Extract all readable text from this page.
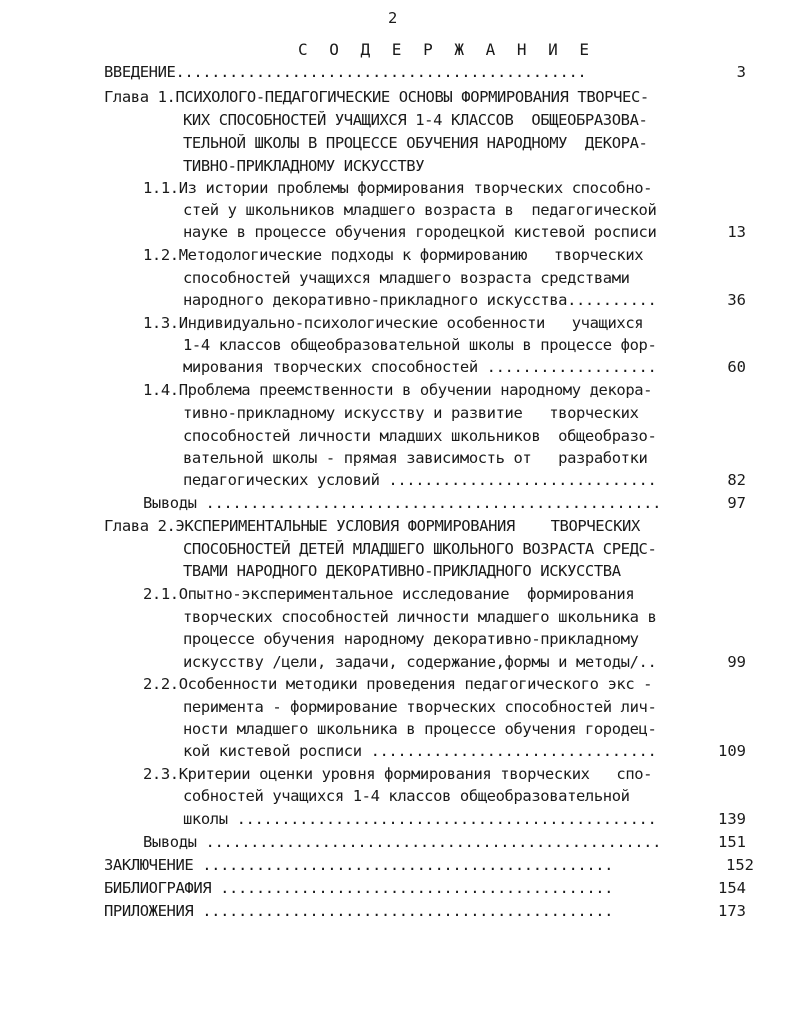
2
С О Д Е Р Ж А Н И Е
ВВЕДЕНИЕ..............................................	3
Глава 1.ПСИХОЛОГО-ПЕДАГОГИЧЕСКИЕ ОСНОВЫ ФОРМИРОВАНИЯ ТВОРЧЕС-
КИХ СПОСОБНОСТЕЙ УЧАЩИХСЯ 1-4 КЛАССОВ  ОБЩЕОБРАЗОВА-
ТЕЛЬНОЙ ШКОЛЫ В ПРОЦЕССЕ ОБУЧЕНИЯ НАРОДНОМУ  ДЕКОРА-
ТИВНО-ПРИКЛАДНОМУ ИСКУССТВУ
1.1.Из истории проблемы формирования творческих способно-
стей у школьников младшего возраста в  педагогической
науке в процессе обучения городецкой кистевой росписи	13
1.2.Методологические подходы к формированию   творческих
способностей учащихся младшего возраста средствами
народного декоративно-прикладного искусства..........	36
1.3.Индивидуально-психологические особенности   учащихся
1-4 классов общеобразовательной школы в процессе фор-
мирования творческих способностей ...................	60
1.4.Проблема преемственности в обучении народному декора-
тивно-прикладному искусству и развитие   творческих
способностей личности младших школьников  общеобразо-
вательной школы - прямая зависимость от   разработки
педагогических условий ..............................	82
Выводы ...................................................	97
Глава 2.ЭКСПЕРИМЕНТАЛЬНЫЕ УСЛОВИЯ ФОРМИРОВАНИЯ    ТВОРЧЕСКИХ
СПОСОБНОСТЕЙ ДЕТЕЙ МЛАДШЕГО ШКОЛЬНОГО ВОЗРАСТА СРЕДС-
ТВАМИ НАРОДНОГО ДЕКОРАТИВНО-ПРИКЛАДНОГО ИСКУССТВА
2.1.Опытно-экспериментальное исследование  формирования
творческих способностей личности младшего школьника в
процессе обучения народному декоративно-прикладному
искусству /цели, задачи, содержание,формы и методы/..	99
2.2.Особенности методики проведения педагогического экс -
перимента - формирование творческих способностей лич-
ности младшего школьника в процессе обучения городец-
кой кистевой росписи ................................	109
2.3.Критерии оценки уровня формирования творческих   спо-
собностей учащихся 1-4 классов общеобразовательной
школы ...............................................	139
Выводы ...................................................	151
ЗАКЛЮЧЕНИЕ ..............................................	152
БИБЛИОГРАФИЯ ............................................	154
ПРИЛОЖЕНИЯ ..............................................	173
